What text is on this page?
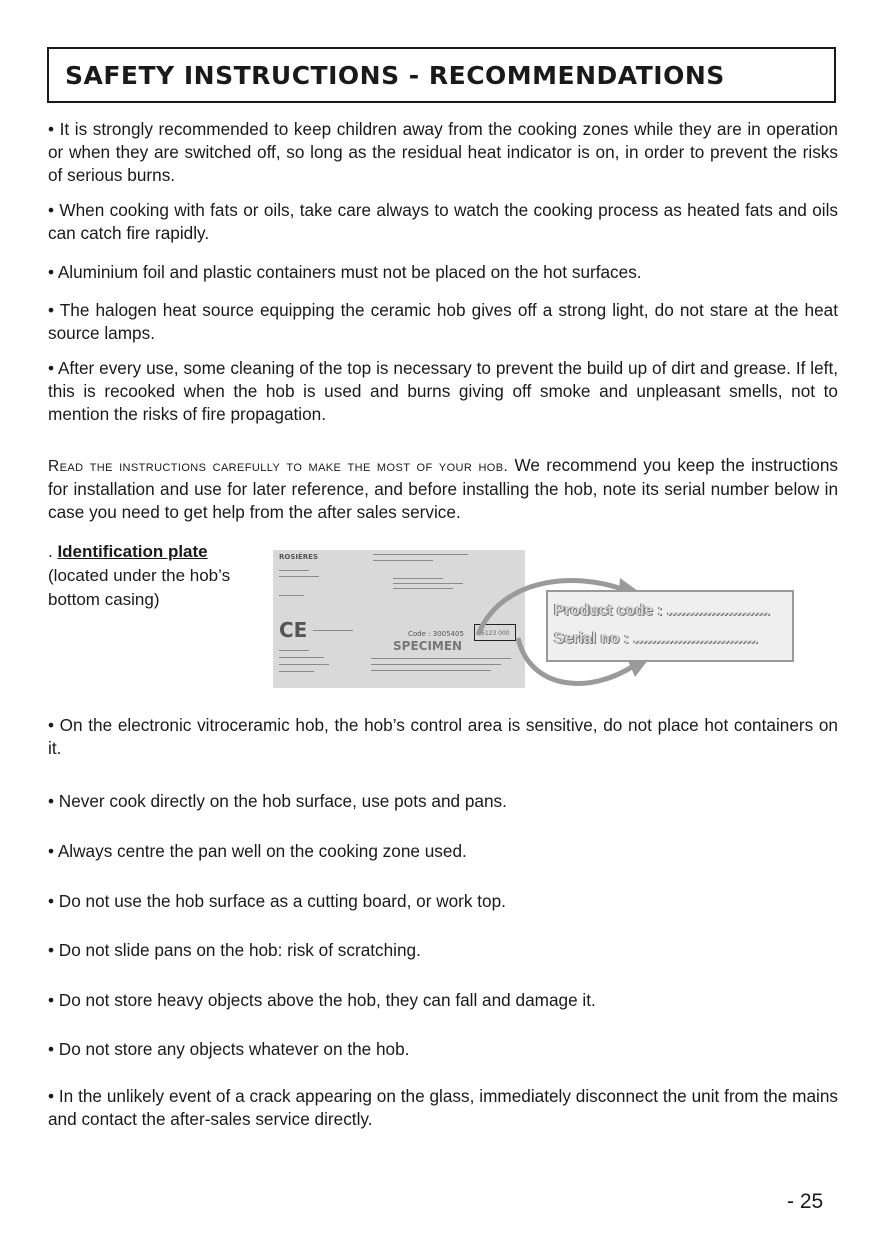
SAFETY INSTRUCTIONS - RECOMMENDATIONS

• It is strongly recommended to keep children away from the cooking zones while they are in operation or when they are switched off, so long as the residual heat indicator is on, in order to prevent the risks of serious burns.

• When cooking with fats or oils, take care always to watch the cooking process as heated fats and oils can catch fire rapidly.

• Aluminium foil and plastic containers must not be placed on the hot surfaces.

• The halogen heat source equipping the ceramic hob gives off a strong light, do not stare at the heat source lamps.

• After every use, some cleaning of the top is necessary to prevent the build up of dirt and grease. If left, this is recooked when the hob is used and burns giving off smoke and unpleasant smells, not to mention the risks of fire propagation.

Read the instructions carefully to make the most of your hob. We recommend you keep the instructions for installation and use for later reference, and before installing the hob, note its serial number below in case you need to get help from the after sales service.

. Identification plate
(located under the hob’s bottom casing)
ROSIÈRES
CE	Code : 3005405	6123 000
SPECIMEN
Product code : ........................
Serial no : .............................

• On the electronic vitroceramic hob, the hob’s control area is sensitive, do not place hot containers on it.

• Never cook directly on the hob surface, use pots and pans.

• Always centre the pan well on the cooking zone used.

• Do not use the hob surface as a cutting board, or work top.

• Do not slide pans on the hob: risk of scratching.

• Do not store heavy objects above the hob, they can fall and damage it.

• Do not store any objects whatever on the hob.

• In the unlikely event of a crack appearing on the glass, immediately disconnect the unit from the mains and contact the after-sales service directly.

- 25
